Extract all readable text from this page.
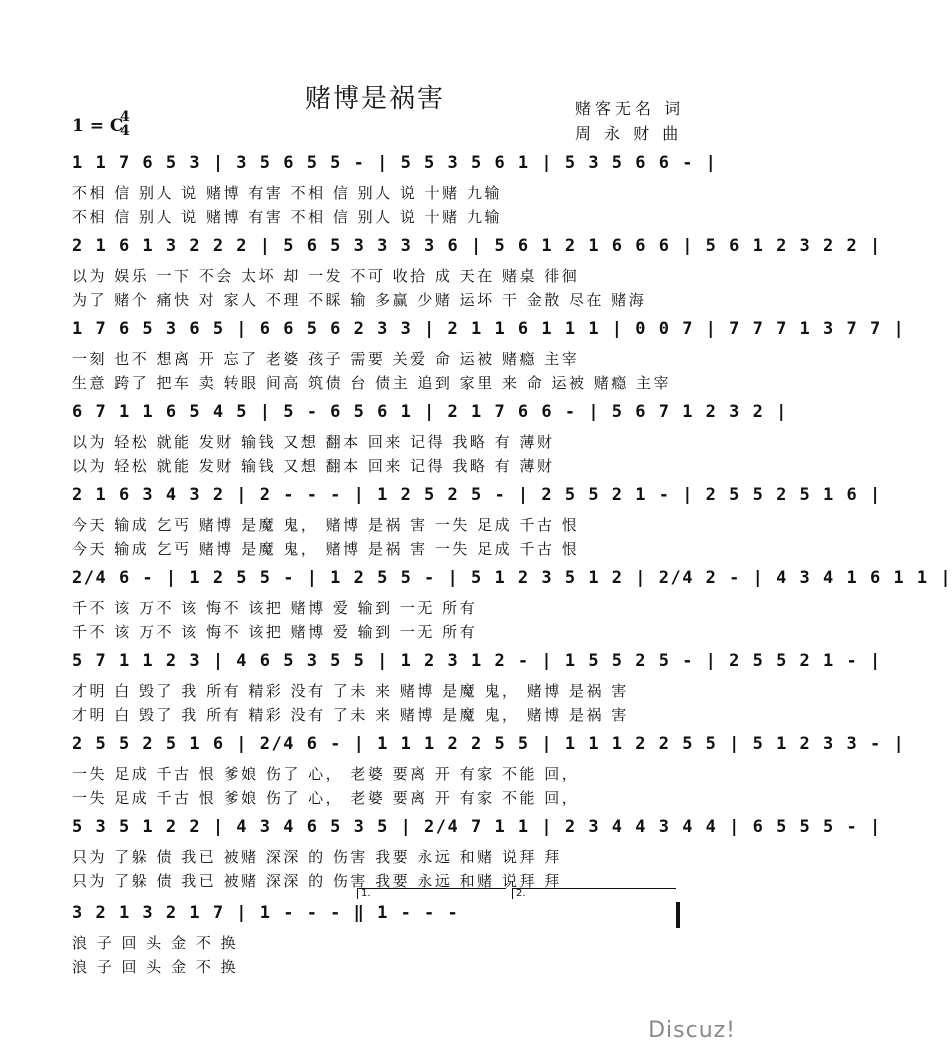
赌博是祸害	赌客无名 词
周 永 财 曲
1 = C
4
4
1 1 7 6 5 3 | 3 5 6 5 5 - | 5 5 3 5 6 1 | 5 3 5 6 6 - |
不相 信 别人 说 赌博 有害 不相 信 别人 说 十赌 九输
不相 信 别人 说 赌博 有害 不相 信 别人 说 十赌 九输
2 1 6 1 3 2 2 2 | 5 6 5 3 3 3 3 6 | 5 6 1 2 1 6 6 6 | 5 6 1 2 3 2 2 |
以为 娱乐 一下 不会 太坏 却 一发 不可 收拾 成 天在 赌桌 徘徊
为了 赌个 痛快 对 家人 不理 不睬 输 多赢 少赌 运坏 干 金散 尽在 赌海
1 7 6 5 3 6 5 | 6 6 5 6 2 3 3 | 2 1 1 6 1 1 1 | 0 0 7 | 7 7 7 1 3 7 7 |
一刻 也不 想离 开 忘了 老婆 孩子 需要 关爱 命 运被 赌瘾 主宰
生意 跨了 把车 卖 转眼 间高 筑债 台 债主 追到 家里 来 命 运被 赌瘾 主宰
6 7 1 1 6 5 4 5 | 5 - 6 5 6 1 | 2 1 7 6 6 - | 5 6 7 1 2 3 2 |
以为 轻松 就能 发财 输钱 又想 翻本 回来 记得 我略 有 薄财
以为 轻松 就能 发财 输钱 又想 翻本 回来 记得 我略 有 薄财
2 1 6 3 4 3 2 | 2 - - - | 1 2 5 2 5 - | 2 5 5 2 1 - | 2 5 5 2 5 1 6 |
今天 输成 乞丐 赌博 是魔 鬼， 赌博 是祸 害 一失 足成 千古 恨
今天 输成 乞丐 赌博 是魔 鬼， 赌博 是祸 害 一失 足成 千古 恨
2/4 6 - | 1 2 5 5 - | 1 2 5 5 - | 5 1 2 3 5 1 2 | 2/4 2 - | 4 3 4 1 6 1 1 |
千不 该 万不 该 悔不 该把 赌博 爱 输到 一无 所有
千不 该 万不 该 悔不 该把 赌博 爱 输到 一无 所有
5 7 1 1 2 3 | 4 6 5 3 5 5 | 1 2 3 1 2 - | 1 5 5 2 5 - | 2 5 5 2 1 - |
才明 白 毁了 我 所有 精彩 没有 了未 来 赌博 是魔 鬼， 赌博 是祸 害
才明 白 毁了 我 所有 精彩 没有 了未 来 赌博 是魔 鬼， 赌博 是祸 害
2 5 5 2 5 1 6 | 2/4 6 - | 1 1 1 2 2 5 5 | 1 1 1 2 2 5 5 | 5 1 2 3 3 - |
一失 足成 千古 恨 爹娘 伤了 心， 老婆 要离 开 有家 不能 回，
一失 足成 千古 恨 爹娘 伤了 心， 老婆 要离 开 有家 不能 回，
5 3 5 1 2 2 | 4 3 4 6 5 3 5 | 2/4 7 1 1 | 2 3 4 4 3 4 4 | 6 5 5 5 - |
只为 了躲 债 我已 被赌 深深 的 伤害 我要 永远 和赌 说拜 拜
只为 了躲 债 我已 被赌 深深 的 伤害 我要 永远 和赌 说拜 拜
1.	2.
3 2 1 3 2 1 7 | 1 - - - ‖ 1 - - -
浪 子 回 头 金 不 换
浪 子 回 头 金 不 换
Discuz!
